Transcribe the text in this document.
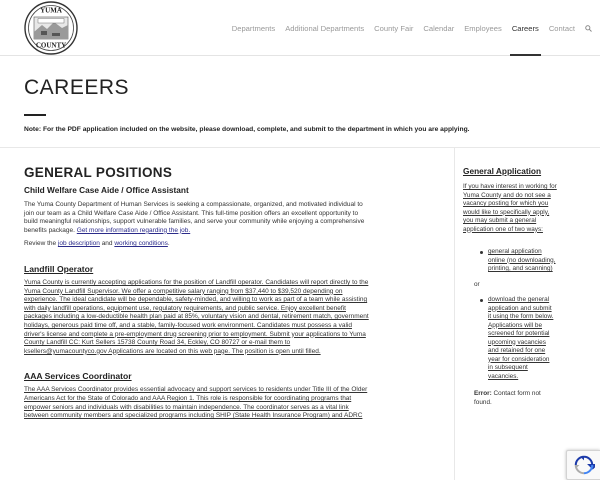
YUMA
COUNTY
Departments	Additional Departments	County Fair	Calendar	Employees	Careers	Contact
CAREERS
Note: For the PDF application included on the website, please download, complete, and submit to the department in which you are applying.
GENERAL POSITIONS
Child Welfare Case Aide / Office Assistant
The Yuma County Department of Human Services is seeking a compassionate, organized, and motivated individual to
join our team as a Child Welfare Case Aide / Office Assistant. This full-time position offers an excellent opportunity to
build meaningful relationships, support vulnerable families, and serve your community while enjoying a comprehensive
benefits package. Get more information regarding the job.
Review the job description and working conditions.
Landfill Operator
Yuma County is currently accepting applications for the position of Landfill operator. Candidates will report directly to the
Yuma County Landfill Supervisor. We offer a competitive salary ranging from $37,440 to $39,520 depending on
experience. The ideal candidate will be dependable, safety-minded, and willing to work as part of a team while assisting
with daily landfill operations, equipment use, regulatory requirements, and public service. Enjoy excellent benefit
packages including a low-deductible health plan paid at 85%, voluntary vision and dental, retirement match, government
holidays, generous paid time off, and a stable, family-focused work environment. Candidates must possess a valid
driver's license and complete a pre-employment drug screening prior to employment. Submit your applications to Yuma
County Landfill CC: Kurt Sellers 15738 County Road 34, Eckley, CO 80727 or e-mail them to
ksellers@yumacountyco.gov Applications are located on this web page. The position is open until filled.
AAA Services Coordinator
The AAA Services Coordinator provides essential advocacy and support services to residents under Title III of the Older
Americans Act for the State of Colorado and AAA Region 1. This role is responsible for coordinating programs that
empower seniors and individuals with disabilities to maintain independence. The coordinator serves as a vital link
between community members and specialized programs including SHIP (State Health Insurance Program) and ADRC
General Application
If you have interest in working for
Yuma County and do not see a
vacancy posting for which you
would like to specifically apply,
you may submit a general
application one of two ways:
general application
online (no downloading,
printing, and scanning)
or
download the general
application and submit
it using the form below.
Applications will be
screened for potential
upcoming vacancies
and retained for one
year for consideration
in subsequent
vacancies.
Error: Contact form not
found.
